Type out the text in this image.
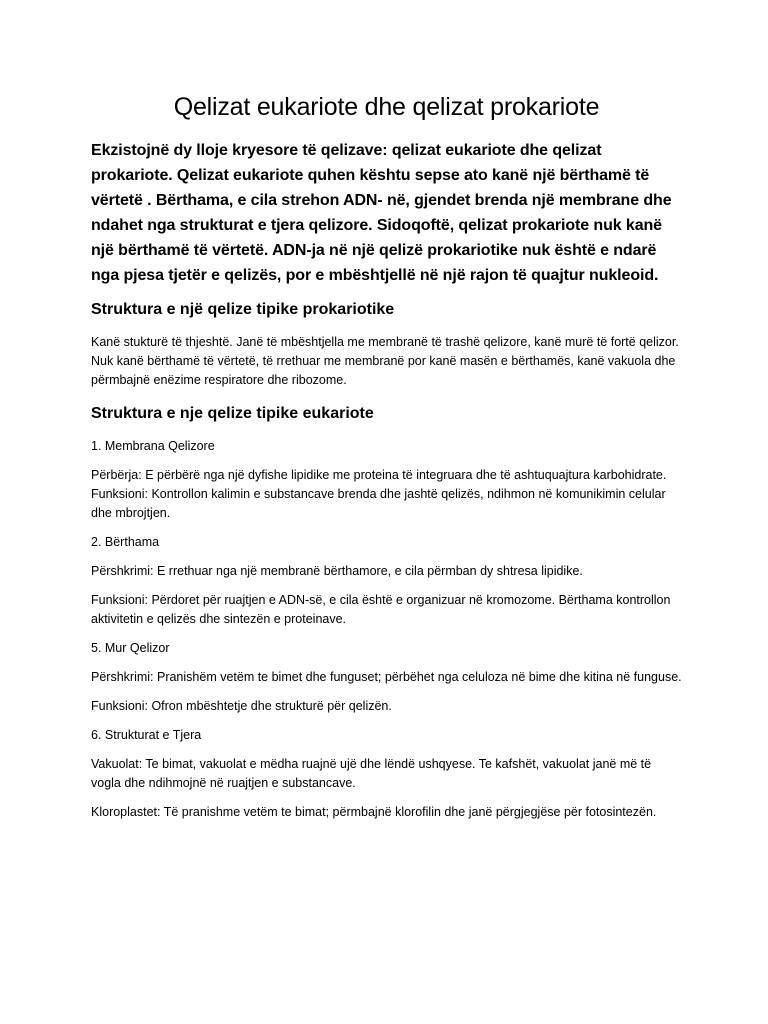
Qelizat eukariote dhe qelizat prokariote

Ekzistojnë dy lloje kryesore të qelizave: qelizat eukariote dhe qelizat prokariote. Qelizat eukariote quhen kështu sepse ato kanë një bërthamë të vërtetë . Bërthama, e cila strehon ADN- në, gjendet brenda një membrane dhe ndahet nga strukturat e tjera qelizore. Sidoqoftë, qelizat prokariote nuk kanë një bërthamë të vërtetë. ADN-ja në një qelizë prokariotike nuk është e ndarë nga pjesa tjetër e qelizës, por e mbështjellë në një rajon të quajtur nukleoid.

Struktura e një qelize tipike prokariotike

Kanë stukturë të thjeshtë. Janë të mbështjella me membranë të trashë qelizore, kanë murë të fortë qelizor. Nuk kanë bërthamë të vërtetë, të rrethuar me membranë por kanë masën e bërthamës, kanë vakuola dhe përmbajnë enëzime respiratore dhe ribozome.

Struktura e nje qelize tipike eukariote

1. Membrana Qelizore

Përbërja: E përbërë nga një dyfishe lipidike me proteina të integruara dhe të ashtuquajtura karbohidrate. Funksioni: Kontrollon kalimin e substancave brenda dhe jashtë qelizës, ndihmon në komunikimin celular dhe mbrojtjen.

2. Bërthama

Përshkrimi: E rrethuar nga një membranë bërthamore, e cila përmban dy shtresa lipidike.

Funksioni: Përdoret për ruajtjen e ADN-së, e cila është e organizuar në kromozome. Bërthama kontrollon aktivitetin e qelizës dhe sintezën e proteinave.

5. Mur Qelizor

Përshkrimi: Pranishëm vetëm te bimet dhe funguset; përbëhet nga celuloza në bime dhe kitina në funguse.

Funksioni: Ofron mbështetje dhe strukturë për qelizën.

6. Strukturat e Tjera

Vakuolat: Te bimat, vakuolat e mëdha ruajnë ujë dhe lëndë ushqyese. Te kafshët, vakuolat janë më të vogla dhe ndihmojnë në ruajtjen e substancave.

Kloroplastet: Të pranishme vetëm te bimat; përmbajnë klorofilin dhe janë përgjegjëse për fotosintezën.
